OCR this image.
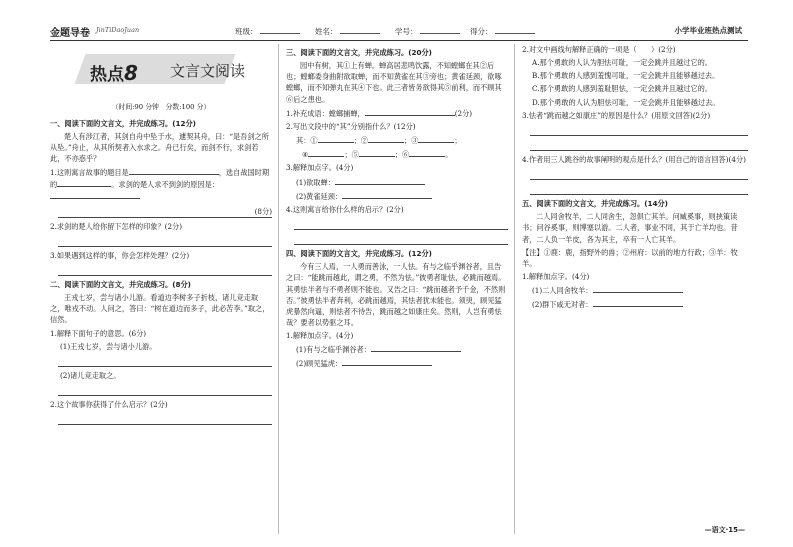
金题导卷 JinTiDaoJuan	班级：	姓名：	学号：	得分：	小学毕业班热点测试
热点8 文言文阅读
（时间:90 分钟　分数:100 分）
一、阅读下面的文言文，并完成练习。(12分)
楚人有涉江者，其剑自舟中坠于水，遽契其舟，曰：“是吾剑之所从坠。”舟止，从其所契者入水求之。舟已行矣，而剑不行，求剑若此，不亦惑乎？
1.这则寓言故事的题目是	，选自战国时期的	。求剑的楚人求不到剑的原因是：
(8分)
2.求剑的楚人给你留下怎样的印象？(2分)
3.如果遇到这样的事，你会怎样处理？(2分)
二、阅读下面的文言文，并完成练习。(8分)
王戎七岁，尝与诸小儿游。看道边李树多子折枝，诸儿竞走取之，唯戎不动。人问之，答曰：“树在道边而多子，此必苦李。”取之，信然。
1.解释下面句子的意思。(6分)
(1)王戎七岁，尝与诸小儿游。
(2)诸儿竞走取之。
2.这个故事你获得了什么启示？(2分)
三、阅读下面的文言文，并完成练习。(20分)
园中有树，其①上有蝉。蝉高居悲鸣饮露，不知螳螂在其②后也；螳螂委身曲附欲取蝉，而不知黄雀在其③旁也；黄雀延颈，欲啄螳螂，而不知弹丸在其④下也。此三者皆务欲得其⑤前利，而不顾其⑥后之患也。
1.补充成语：螳螂捕蝉，	(2分)
2.写出文段中的“其”分别指什么？(12分)
其：①	；②	；③	；
④	；⑤	；⑥	。
3.解释加点字。(4分)
(1)欲取蝉：
(2)黄雀延颈：
4.这则寓言给你什么样的启示？(2分)
四、阅读下面的文言文，并完成练习。(12分)
今有三人焉，一人勇而善泳，一人怯。有与之临乎渊谷者，且告之曰：“能跳而越此，谓之勇，不然为怯。”彼勇者耻怯，必跳而越焉。其勇怯半者与不勇者则不能也。又告之曰：“跳而越者予千金，不然则否。”彼勇怯半者奔利，必跳而越焉，其怯者犹未能也。须臾，顾见猛虎暴然向逼，则怯者不待告，跳而越之如康庄矣。然则，人岂有勇怯哉？要者以势驱之耳。
1.解释加点字。(4分)
(1)有与之临乎渊谷者：
(2)顾见猛虎：
2.对文中画线句解释正确的一项是（　　）(2分)
A.那个勇敢的人认为胆怯可耻，一定会跳并且越过它的。
B.那个勇敢的人感到羞愧可耻，一定会跳并且能够越过去。
C.那个勇敢的人感到羞耻胆怯，一定会跳并且越过它的。
D.那个勇敢的人认为胆怯可耻，一定会跳并且能够越过去。
3.怯者“跳而越之如康庄”的原因是什么？(用原文回答)(2分)
4.作者用三人跳谷的故事阐明的观点是什么？(用自己的语言回答)(4分)
五、阅读下面的文言文，并完成练习。(14分)
二人同舍牧羊，二人同舍生，忽俱亡其羊。问臧奚事，则挟策读书；问谷奚事，则博塞以游。二人者，事业不同，其于亡羊均也。昔者，二人负一羊皮，各为其主，卒有一人亡其羊。
【注】①鹿：鹿，指野外的兽；②州府：以前的地方行政；③羊：牧羊。
1.解释加点字。(4分)
(1)二人同舍牧羊：
(2)群下咸无对者：
—语文·15—
